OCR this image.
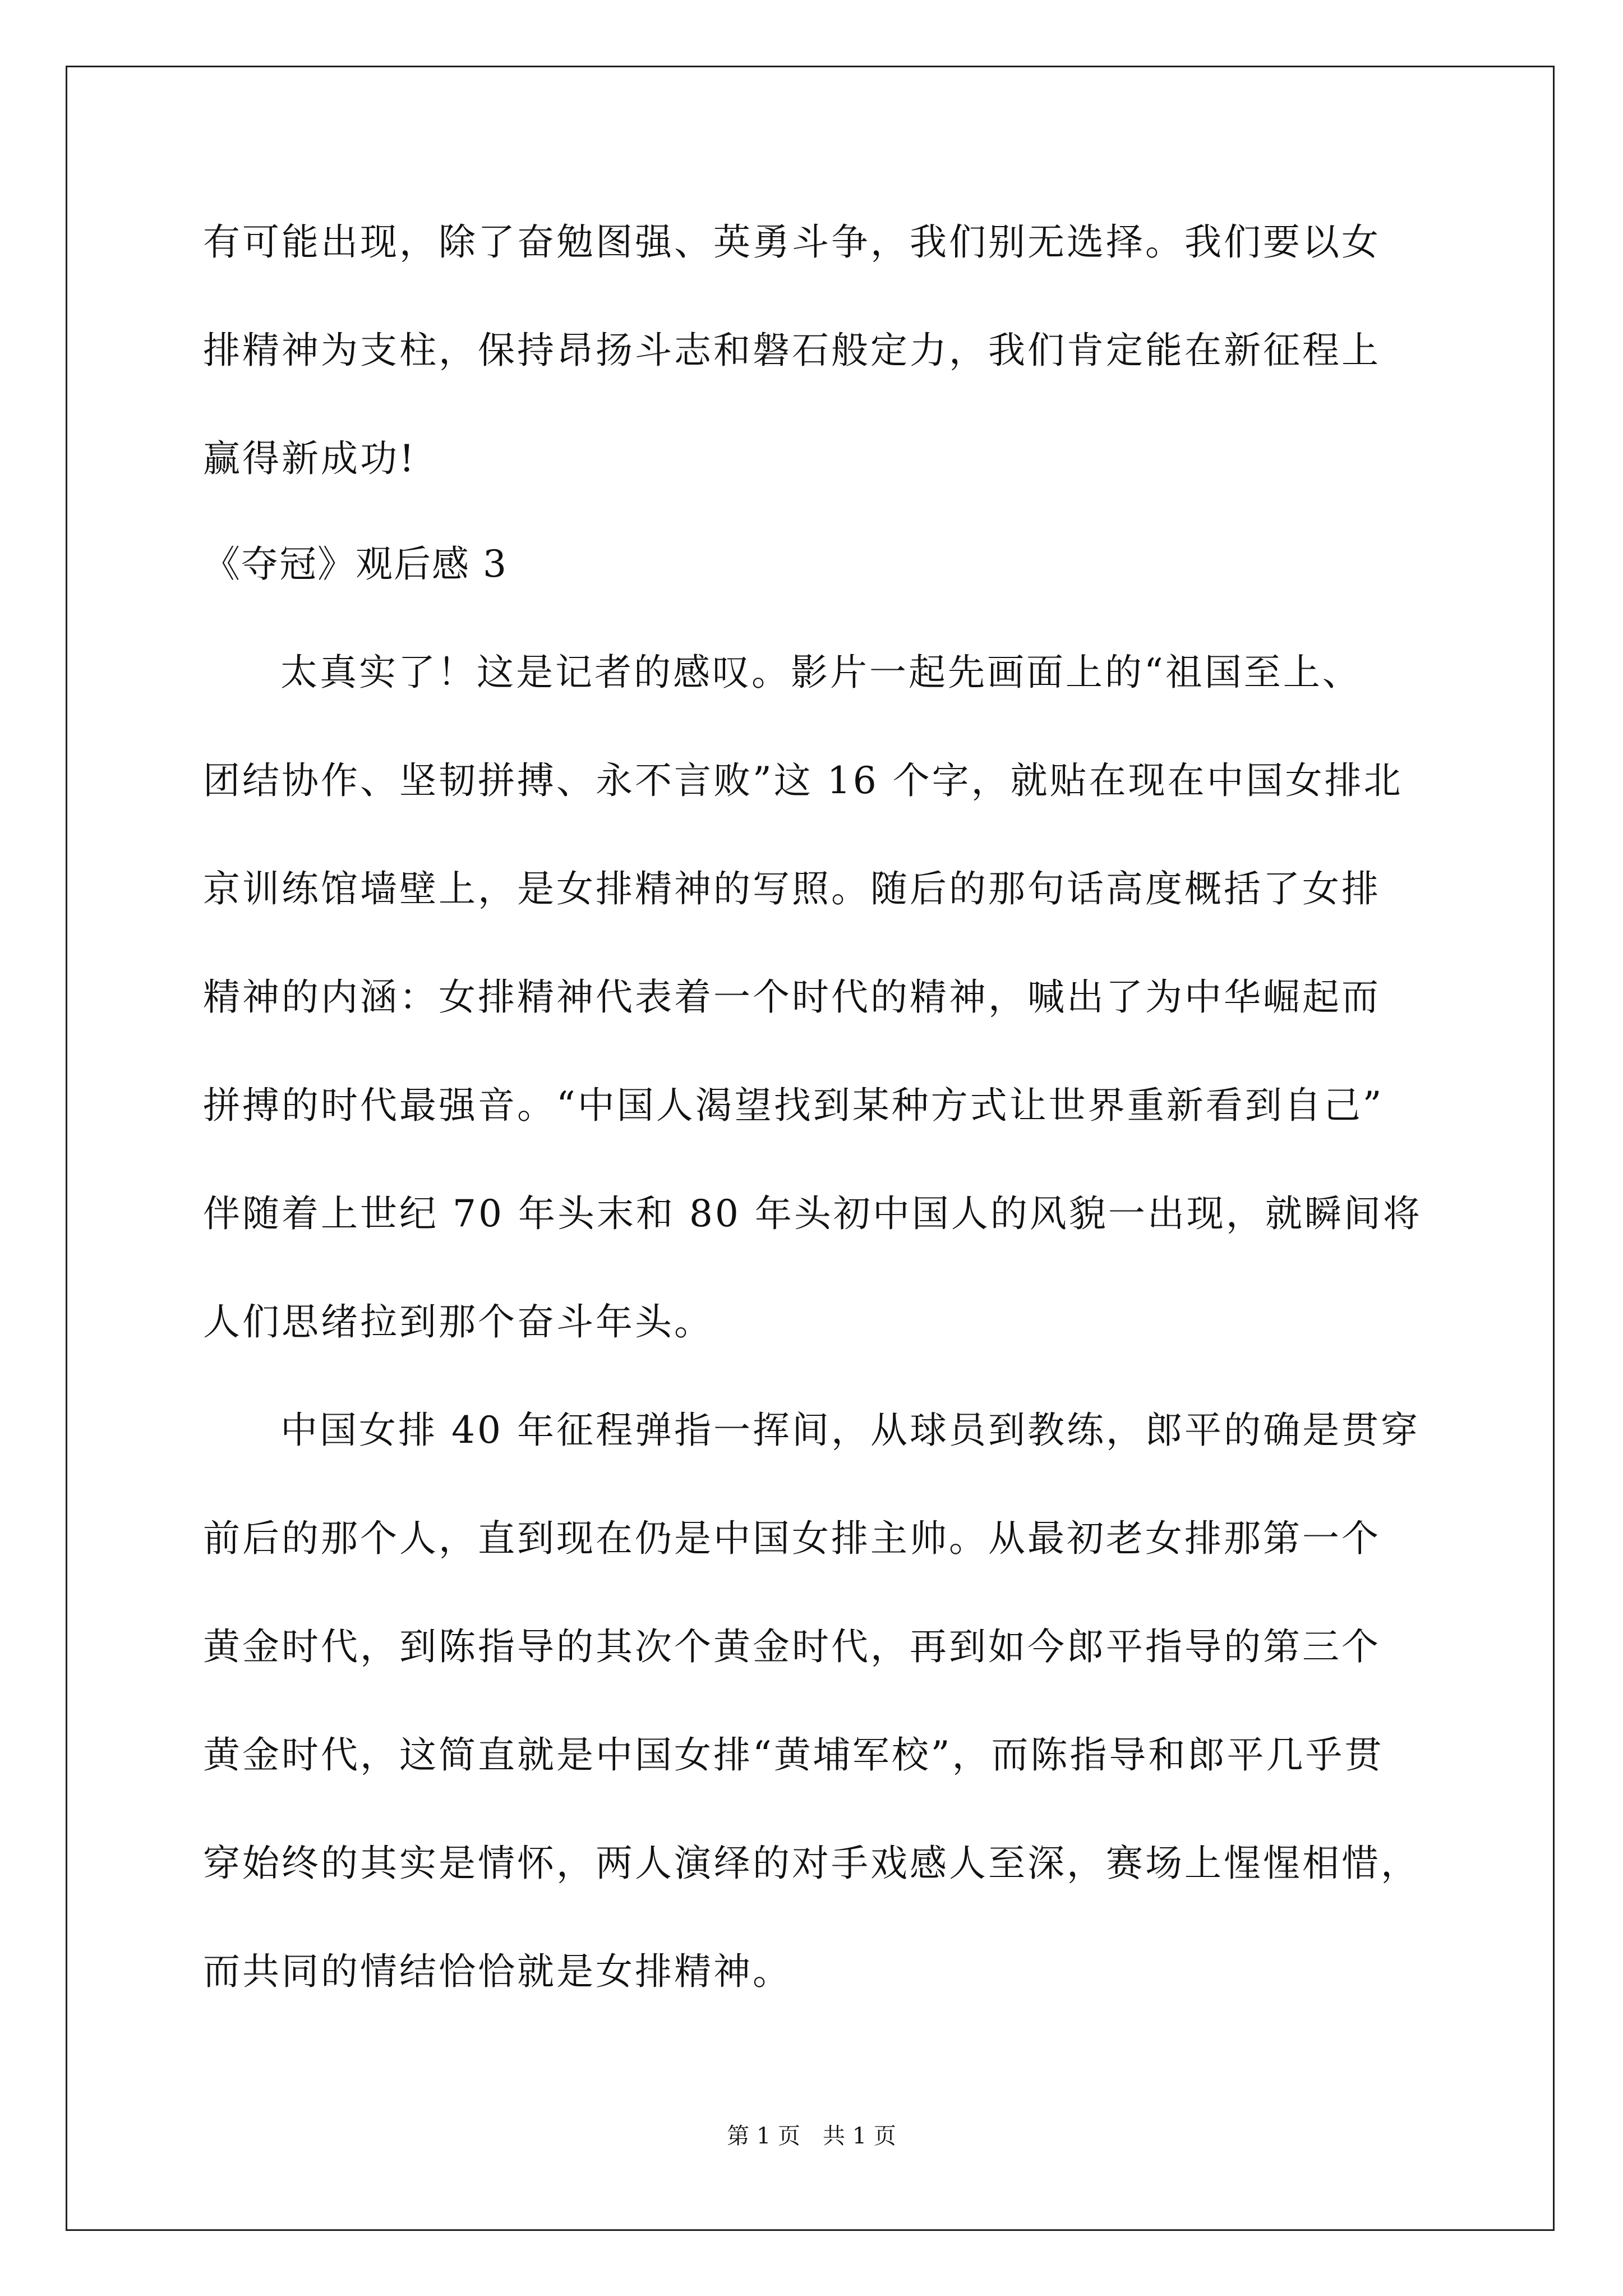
有可能出现，除了奋勉图强、英勇斗争，我们别无选择。我们要以女
排精神为支柱，保持昂扬斗志和磐石般定力，我们肯定能在新征程上
赢得新成功!
《夺冠》观后感 3
太真实了！这是记者的感叹。影片一起先画面上的“祖国至上、
团结协作、坚韧拼搏、永不言败”这 16 个字，就贴在现在中国女排北
京训练馆墙壁上，是女排精神的写照。随后的那句话高度概括了女排
精神的内涵：女排精神代表着一个时代的精神，喊出了为中华崛起而
拼搏的时代最强音。“中国人渴望找到某种方式让世界重新看到自己”
伴随着上世纪 70 年头末和 80 年头初中国人的风貌一出现，就瞬间将
人们思绪拉到那个奋斗年头。
中国女排 40 年征程弹指一挥间，从球员到教练，郎平的确是贯穿
前后的那个人，直到现在仍是中国女排主帅。从最初老女排那第一个
黄金时代，到陈指导的其次个黄金时代，再到如今郎平指导的第三个
黄金时代，这简直就是中国女排“黄埔军校”，而陈指导和郎平几乎贯
穿始终的其实是情怀，两人演绎的对手戏感人至深，赛场上惺惺相惜，
而共同的情结恰恰就是女排精神。
第 1 页　共 1 页
